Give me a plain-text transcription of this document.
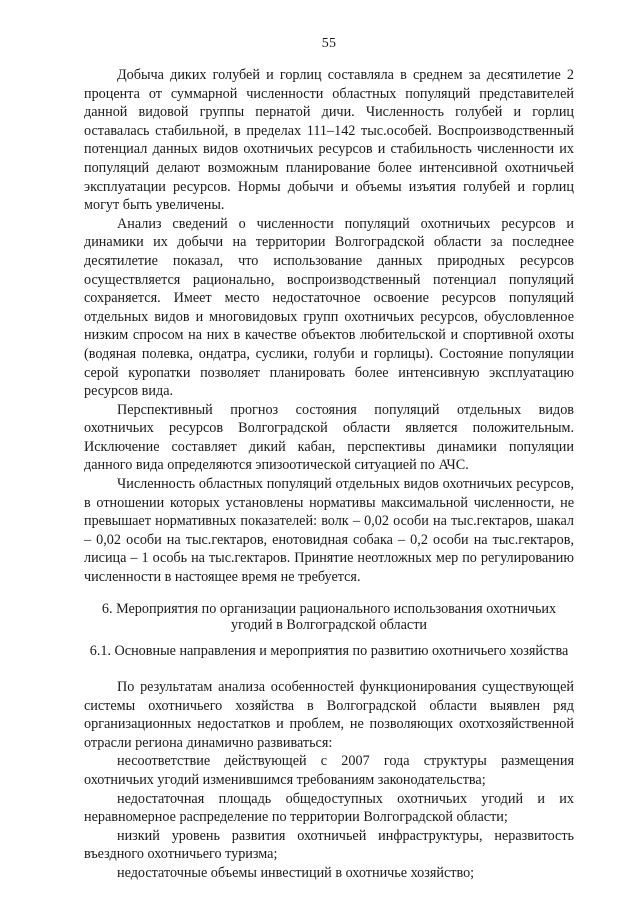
55

Добыча диких голубей и горлиц составляла в среднем за десятилетие 2 процента от суммарной численности областных популяций представителей данной видовой группы пернатой дичи. Численность голубей и горлиц оставалась стабильной, в пределах 111–142 тыс.особей. Воспроизводственный потенциал данных видов охотничьих ресурсов и стабильность численности их популяций делают возможным планирование более интенсивной охотничьей эксплуатации ресурсов. Нормы добычи и объемы изъятия голубей и горлиц могут быть увеличены.

Анализ сведений о численности популяций охотничьих ресурсов и динамики их добычи на территории Волгоградской области за последнее десятилетие показал, что использование данных природных ресурсов осуществляется рационально, воспроизводственный потенциал популяций сохраняется. Имеет место недостаточное освоение ресурсов популяций отдельных видов и многовидовых групп охотничьих ресурсов, обусловленное низким спросом на них в качестве объектов любительской и спортивной охоты (водяная полевка, ондатра, суслики, голуби и горлицы). Состояние популяции серой куропатки позволяет планировать более интенсивную эксплуатацию ресурсов вида.

Перспективный прогноз состояния популяций отдельных видов охотничьих ресурсов Волгоградской области является положительным. Исключение составляет дикий кабан, перспективы динамики популяции данного вида определяются эпизоотической ситуацией по АЧС.

Численность областных популяций отдельных видов охотничьих ресурсов, в отношении которых установлены нормативы максимальной численности, не превышает нормативных показателей: волк – 0,02 особи на тыс.гектаров, шакал – 0,02 особи на тыс.гектаров, енотовидная собака – 0,2 особи на тыс.гектаров, лисица – 1 особь на тыс.гектаров. Принятие неотложных мер по регулированию численности в настоящее время не требуется.

6. Мероприятия по организации рационального использования охотничьих угодий в Волгоградской области
6.1. Основные направления и мероприятия по развитию охотничьего хозяйства

По результатам анализа особенностей функционирования существующей системы охотничьего хозяйства в Волгоградской области выявлен ряд организационных недостатков и проблем, не позволяющих охотхозяйственной отрасли региона динамично развиваться:

несоответствие действующей с 2007 года структуры размещения охотничьих угодий изменившимся требованиям законодательства;

недостаточная площадь общедоступных охотничьих угодий и их неравномерное распределение по территории Волгоградской области;

низкий уровень развития охотничьей инфраструктуры, неразвитость въездного охотничьего туризма;

недостаточные объемы инвестиций в охотничье хозяйство;
